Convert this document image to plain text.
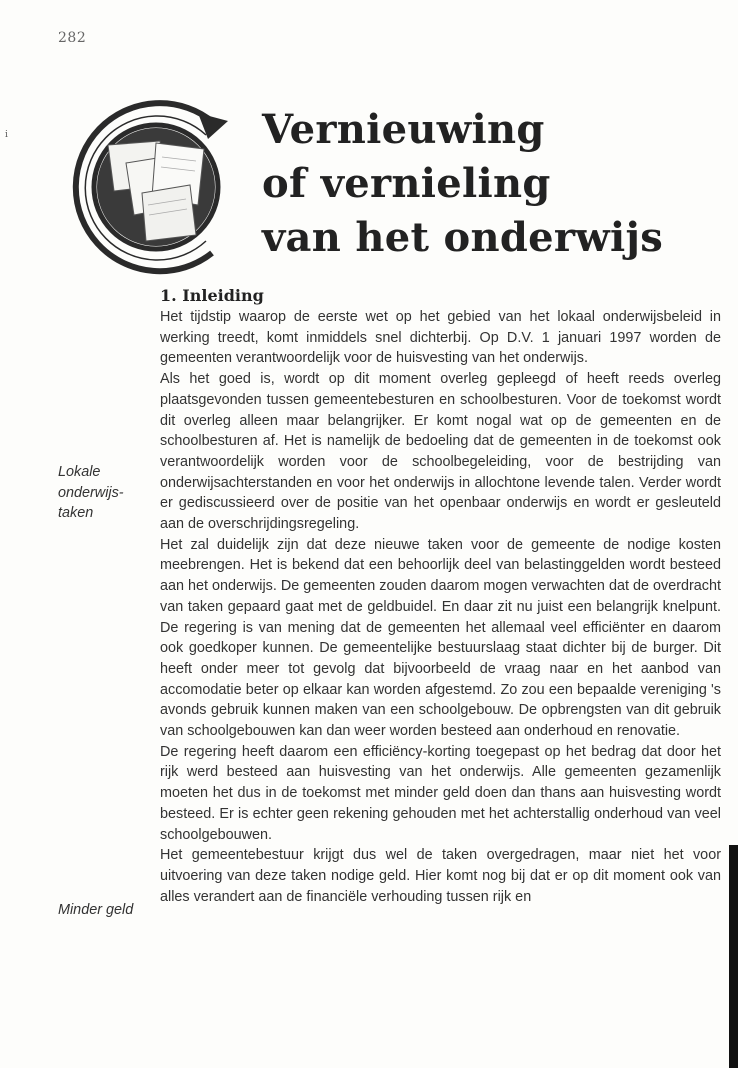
282
i	Vernieuwing
of vernieling
van het onderwijs
1. Inleiding

Het tijdstip waarop de eerste wet op het gebied van het lokaal onderwijsbeleid in werking treedt, komt inmiddels snel dichterbij. Op D.V. 1 januari 1997 worden de gemeenten verantwoordelijk voor de huisvesting van het onderwijs.

Als het goed is, wordt op dit moment overleg gepleegd of heeft reeds overleg plaatsgevonden tussen gemeentebesturen en schoolbesturen. Voor de toekomst wordt dit overleg alleen maar belangrijker. Er komt nogal wat op de gemeenten en de schoolbesturen af. Het is namelijk de bedoeling dat de gemeenten in de toekomst ook verantwoordelijk worden voor de schoolbegeleiding, voor de bestrijding van onderwijsachterstanden en voor het onderwijs in allochtone levende talen. Verder wordt er gediscussieerd over de positie van het openbaar onderwijs en wordt er gesleuteld aan de overschrijdingsregeling.

Het zal duidelijk zijn dat deze nieuwe taken voor de gemeente de nodige kosten meebrengen. Het is bekend dat een behoorlijk deel van belastinggelden wordt besteed aan het onderwijs. De gemeenten zouden daarom mogen verwachten dat de overdracht van taken gepaard gaat met de geldbuidel. En daar zit nu juist een belangrijk knelpunt. De regering is van mening dat de gemeenten het allemaal veel efficiënter en daarom ook goedkoper kunnen. De gemeentelijke bestuurslaag staat dichter bij de burger. Dit heeft onder meer tot gevolg dat bijvoorbeeld de vraag naar en het aanbod van accomodatie beter op elkaar kan worden afgestemd. Zo zou een bepaalde vereniging 's avonds gebruik kunnen maken van een schoolgebouw. De opbrengsten van dit gebruik van schoolgebouwen kan dan weer worden besteed aan onderhoud en renovatie.

De regering heeft daarom een efficiëncy-korting toegepast op het bedrag dat door het rijk werd besteed aan huisvesting van het onderwijs. Alle gemeenten gezamenlijk moeten het dus in de toekomst met minder geld doen dan thans aan huisvesting wordt besteed. Er is echter geen rekening gehouden met het achterstallig onderhoud van veel schoolgebouwen.

Het gemeentebestuur krijgt dus wel de taken overgedragen, maar niet het voor uitvoering van deze taken nodige geld. Hier komt nog bij dat er op dit moment ook van alles verandert aan de financiële verhouding tussen rijk en

Lokale onderwijs-taken

Minder geld
